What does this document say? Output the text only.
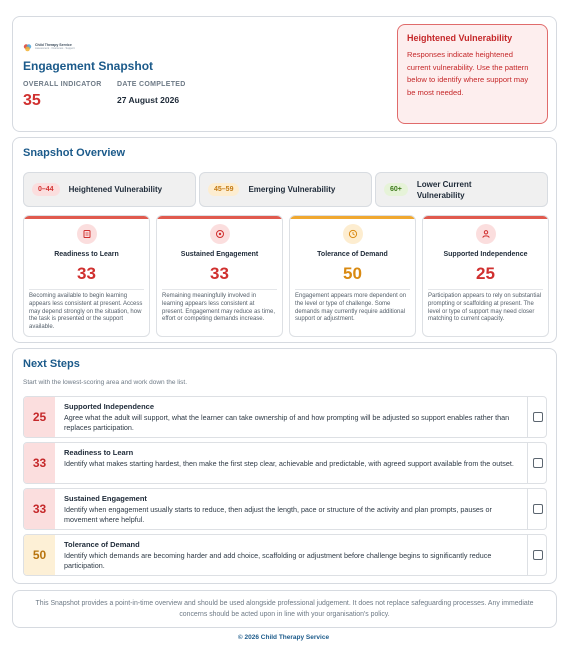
Child Therapy Service
Assessment · Outcomes · Support
Engagement Snapshot
OVERALL INDICATOR DATE COMPLETED
35	27 August 2026
Heightened Vulnerability
Responses indicate heightened current vulnerability. Use the pattern below to identify where support may be most needed.
Snapshot Overview
0–44	Heightened Vulnerability	45–59	Emerging Vulnerability	60+
Lower Current Vulnerability
Readiness to Learn
33
Becoming available to begin learning appears less consistent at present. Access may depend strongly on the situation, how the task is presented or the support available.
Sustained Engagement
33
Remaining meaningfully involved in learning appears less consistent at present. Engagement may reduce as time, effort or competing demands increase.
Tolerance of Demand
50
Engagement appears more dependent on the level or type of challenge. Some demands may currently require additional support or adjustment.
Supported Independence
25
Participation appears to rely on substantial prompting or scaffolding at present. The level or type of support may need closer matching to current capacity.
Next Steps
Start with the lowest-scoring area and work down the list.
25
Supported Independence
Agree what the adult will support, what the learner can take ownership of and how prompting will be adjusted so support enables rather than replaces participation.
33
Readiness to Learn
Identify what makes starting hardest, then make the first step clear, achievable and predictable, with agreed support available from the outset.
33
Sustained Engagement
Identify when engagement usually starts to reduce, then adjust the length, pace or structure of the activity and plan prompts, pauses or movement where helpful.
50
Tolerance of Demand
Identify which demands are becoming harder and add choice, scaffolding or adjustment before challenge begins to significantly reduce participation.
This Snapshot provides a point-in-time overview and should be used alongside professional judgement. It does not replace safeguarding processes. Any immediate concerns should be acted upon in line with your organisation's policy.
© 2026 Child Therapy Service
